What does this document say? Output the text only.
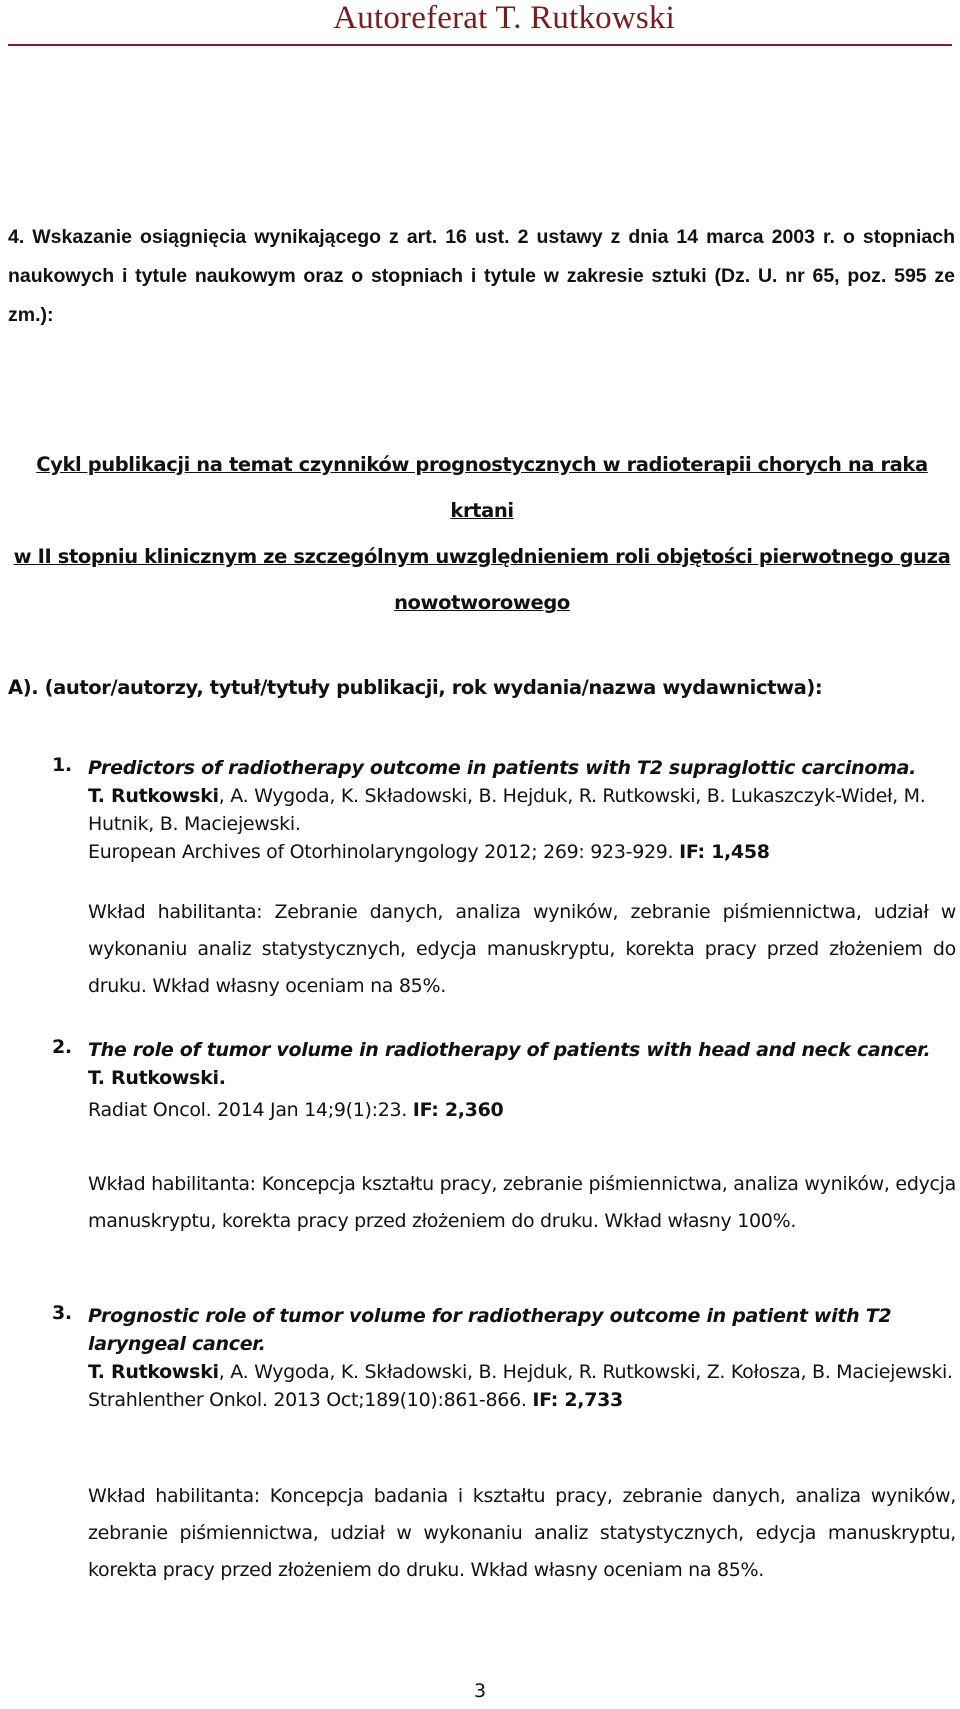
Autoreferat T. Rutkowski
4. Wskazanie osiągnięcia wynikającego z art. 16 ust. 2 ustawy z dnia 14 marca 2003 r. o stopniach naukowych i tytule naukowym oraz o stopniach i tytule w zakresie sztuki (Dz. U. nr 65, poz. 595 ze zm.):
Cykl publikacji na temat czynników prognostycznych w radioterapii chorych na raka krtani
w II stopniu klinicznym ze szczególnym uwzględnieniem roli objętości pierwotnego guza
nowotworowego
A). (autor/autorzy, tytuł/tytuły publikacji, rok wydania/nazwa wydawnictwa):
1. Predictors of radiotherapy outcome in patients with T2 supraglottic carcinoma.
T. Rutkowski, A. Wygoda, K. Składowski, B. Hejduk, R. Rutkowski, B. Lukaszczyk-Wideł, M. Hutnik, B. Maciejewski.
European Archives of Otorhinolaryngology 2012; 269: 923-929. IF: 1,458
Wkład habilitanta: Zebranie danych, analiza wyników, zebranie piśmiennictwa, udział w wykonaniu analiz statystycznych, edycja manuskryptu, korekta pracy przed złożeniem do druku. Wkład własny oceniam na 85%.
2. The role of tumor volume in radiotherapy of patients with head and neck cancer.
T. Rutkowski.
Radiat Oncol. 2014 Jan 14;9(1):23. IF: 2,360
Wkład habilitanta: Koncepcja kształtu pracy, zebranie piśmiennictwa, analiza wyników, edycja manuskryptu, korekta pracy przed złożeniem do druku. Wkład własny 100%.
3. Prognostic role of tumor volume for radiotherapy outcome in patient with T2 laryngeal cancer.
T. Rutkowski, A. Wygoda, K. Składowski, B. Hejduk, R. Rutkowski, Z. Kołosza, B. Maciejewski.
Strahlenther Onkol. 2013 Oct;189(10):861-866. IF: 2,733
Wkład habilitanta: Koncepcja badania i kształtu pracy, zebranie danych, analiza wyników, zebranie piśmiennictwa, udział w wykonaniu analiz statystycznych, edycja manuskryptu, korekta pracy przed złożeniem do druku. Wkład własny oceniam na 85%.
3
